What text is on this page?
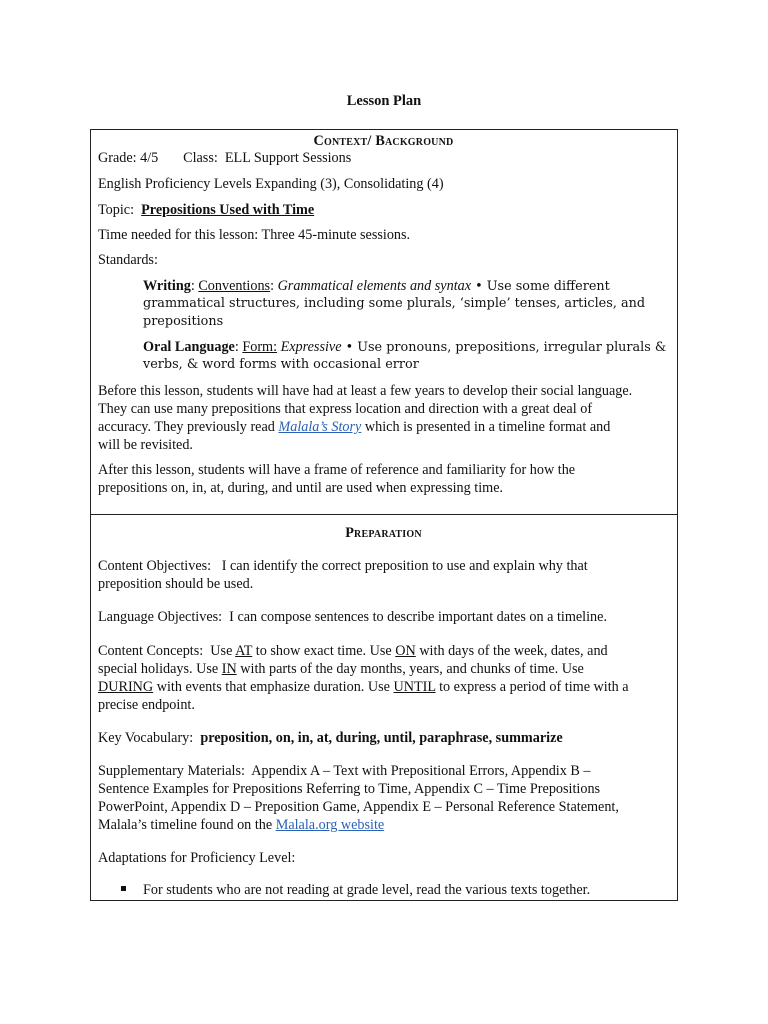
Lesson Plan
Context/ Background
Grade: 4/5       Class:  ELL Support Sessions
English Proficiency Levels Expanding (3), Consolidating (4)
Topic: Prepositions Used with Time
Time needed for this lesson: Three 45-minute sessions.
Standards:
Writing: Conventions: Grammatical elements and syntax • Use some different
grammatical structures, including some plurals, ‘simple’ tenses, articles, and
prepositions
Oral Language: Form: Expressive • Use pronouns, prepositions, irregular plurals &
verbs, & word forms with occasional error
Before this lesson, students will have had at least a few years to develop their social language.
They can use many prepositions that express location and direction with a great deal of
accuracy. They previously read Malala’s Story which is presented in a timeline format and
will be revisited.
After this lesson, students will have a frame of reference and familiarity for how the
prepositions on, in, at, during, and until are used when expressing time.
Preparation
Content Objectives:   I can identify the correct preposition to use and explain why that
preposition should be used.
Language Objectives:  I can compose sentences to describe important dates on a timeline.
Content Concepts:  Use AT to show exact time. Use ON with days of the week, dates, and
special holidays. Use IN with parts of the day months, years, and chunks of time. Use
DURING with events that emphasize duration. Use UNTIL to express a period of time with a
precise endpoint.
Key Vocabulary:  preposition, on, in, at, during, until, paraphrase, summarize
Supplementary Materials:  Appendix A – Text with Prepositional Errors, Appendix B –
Sentence Examples for Prepositions Referring to Time, Appendix C – Time Prepositions
PowerPoint, Appendix D – Preposition Game, Appendix E – Personal Reference Statement,
Malala’s timeline found on the Malala.org website
Adaptations for Proficiency Level:
For students who are not reading at grade level, read the various texts together.
